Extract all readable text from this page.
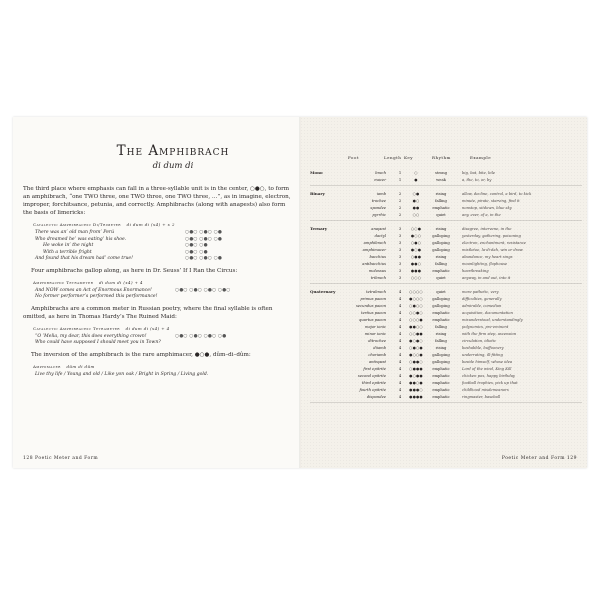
The Amphibrach
di dum di

The third place where emphasis can fall in a three-syllable unit is in the center, ○●○, to form an amphibrach, “one TWO three, one TWO three, one TWO three, …”, as in imagine, electron, improper, forchitsance, petunia, and correctly. Amphibrachs (along with anapests) also form the basis of limericks:

Catalectic Amphibrachic Di/Trimeter di dum di (x4) + x 2
There was an’ old man from’ Perú	○●○ ○●○ ○●
Who dreamed he’ was eating’ his shoe.	○●○ ○●○ ○●
He woke in’ the night	○●○ ○●
With a terrible fright	○●○ ○●
And found that his dream had’ come true!	○●○ ○●○ ○●

Four amphibrachs gallop along, as here in Dr. Seuss’ If I Ran the Circus:

Amphibrachic Tetrameter di dum di (x4) + 4
And NOW comes an Act of Enormous Enormance!	○●○ ○●○ ○●○ ○●○
No former performer’s performed this performance!

Amphibrachs are a common meter in Russian poetry, where the final syllable is often omitted, as here in Thomas Hardy’s The Ruined Maid:

Catalectic Amphibrachic Tetrameter di dum di (x4) + 4
“O ’Melia, my dear, this does everything crown!	○●○ ○●○ ○●○ ○●
Who could have supposed I should meet you in Town?

The inversion of the amphibrach is the rare amphimacer, ●○●, dûm–di–dûm:

Amphimacer dûm di dûm
Live thy life / Young and old / Like yon oak / Bright in Spring / Living gold.
128 Poetic Meter and Form
Foot	Length Key	Rhythm	Example
Mono	brach	1	○	strong	big, bat, bite, bile
macer	1	●	weak	a, the, to, or, by
Binary	iamb	2	○●	rising	allow, decline, control, a bird, to kick
trochee	2	●○	falling	minute, pirate, starving, find it
spondee	2	●●	emphatic	nonstop, sitdown, blue sky
pyrrhic	2	○○	quiet	any, ever, of a, in the
Ternary	anapest	3	○○●	rising	disagree, intervene, in the
dactyl	3	●○○	galloping	yesterday, gathering, poisoning
amphibrach	3	○●○	galloping	electron, enchantment, resistance
amphimacer	3	●○●	galloping	mistletoe, la-di-dah, win or draw
bacchius	3	○●●	rising	abundance, my heart sings
antibacchius	3	●●○	falling	moonlighting, flophouse
molossus	3	●●●	emphatic	heartbreaking
tribrach	3	○○○	quiet	anyway, in and out, into it
Quaternary	tetrabrach	4	○○○○	quiet	more pathetic, very
primus paeon	4	●○○○	galloping	difficulties, generally
secundus paeon	4	○●○○	galloping	admirable, comedian
tertius paeon	4	○○●○	emphatic	acquisition, documentation
quartus paeon	4	○○○●	emphatic	misunderstood, understandingly
major ionic	4	●●○○	falling	polynomics, pre-eminent
minor ionic	4	○○●●	rising	with the firm step, ascension
ditrochee	4	●○●○	falling	circulation, idiotic
diiamb	4	○●○●	rising	beshabble, buffoonery
choriamb	4	●○○●	galloping	underrating, ill-fitting
antispast	4	○●●○	galloping	beside himself, whose idea
first epitrite	4	○●●●	emphatic	Lord of the wind, King Kill
second epitrite	4	●○●●	emphatic	chicken pox, happy birthday
third epitrite	4	●●○●	emphatic	football trophies, pick up that
fourth epitrite	4	●●●○	emphatic	childhood misdemeanors
dispondee	4	●●●●	emphatic	ringmaster, baseball
Poetic Meter and Form 129
